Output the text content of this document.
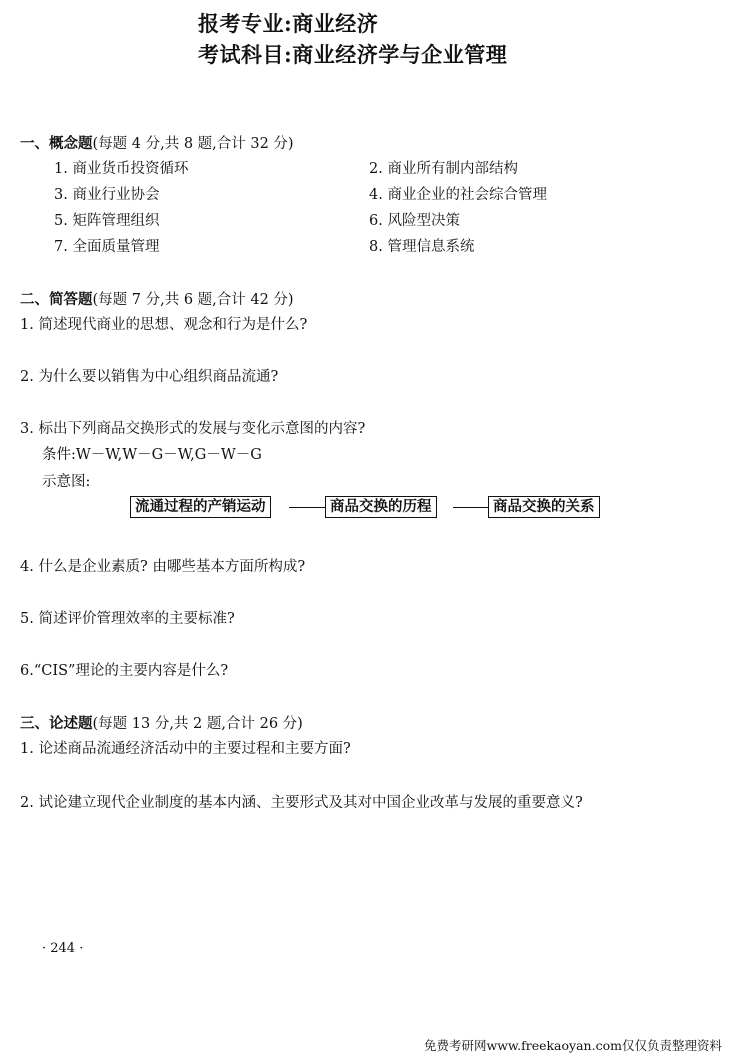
报考专业:商业经济
考试科目:商业经济学与企业管理
一、概念题(每题 4 分,共 8 题,合计 32 分)
1. 商业货币投资循环	2. 商业所有制内部结构
3. 商业行业协会	4. 商业企业的社会综合管理
5. 矩阵管理组织	6. 风险型决策
7. 全面质量管理	8. 管理信息系统
二、简答题(每题 7 分,共 6 题,合计 42 分)
1. 简述现代商业的思想、观念和行为是什么?
2. 为什么要以销售为中心组织商品流通?
3. 标出下列商品交换形式的发展与变化示意图的内容?
条件:W－W,W－G－W,G－W－G
示意图:
流通过程的产销运动	商品交换的历程	商品交换的关系
4. 什么是企业素质? 由哪些基本方面所构成?
5. 简述评价管理效率的主要标准?
6.“CIS”理论的主要内容是什么?
三、论述题(每题 13 分,共 2 题,合计 26 分)
1. 论述商品流通经济活动中的主要过程和主要方面?
2. 试论建立现代企业制度的基本内涵、主要形式及其对中国企业改革与发展的重要意义?
· 244 ·
免费考研网www.freekaoyan.com仅仅负责整理资料
